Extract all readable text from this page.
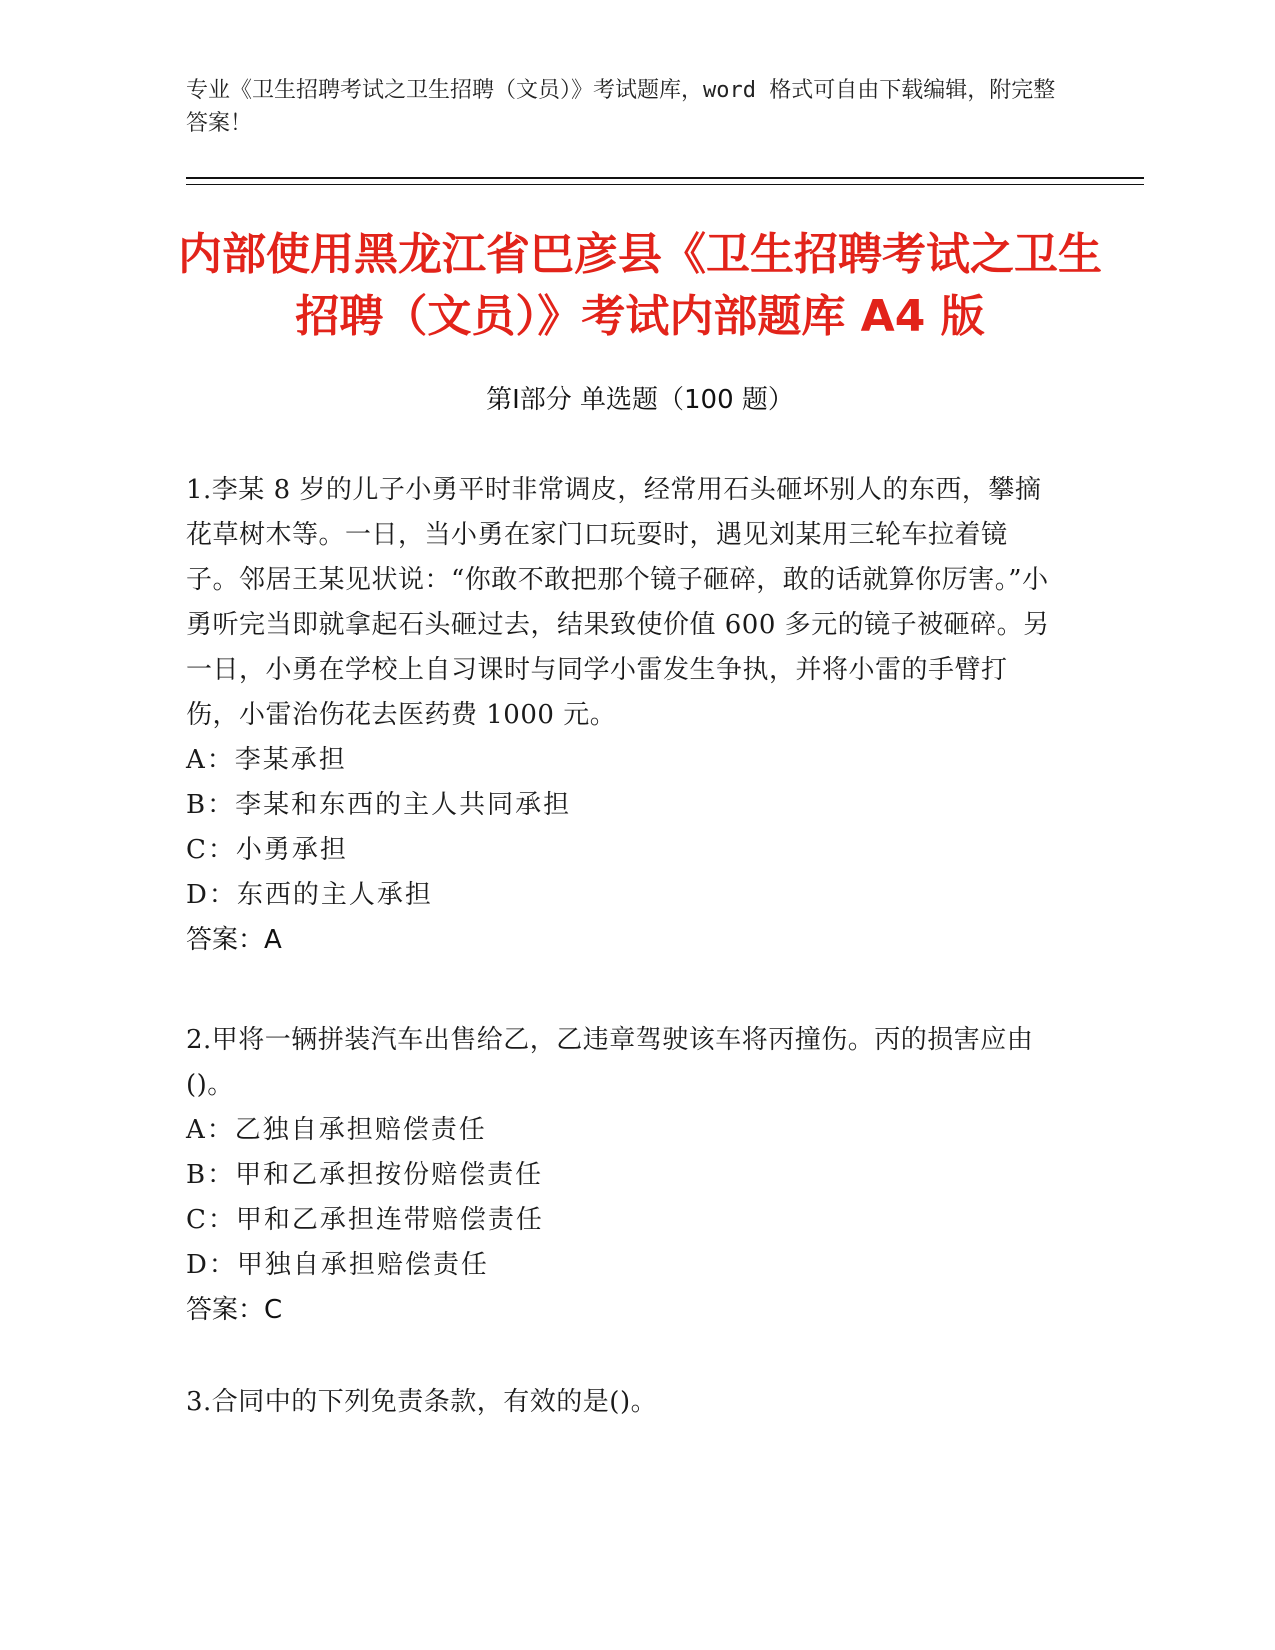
专业《卫生招聘考试之卫生招聘（文员）》考试题库，word 格式可自由下载编辑，附完整答案！
内部使用黑龙江省巴彦县《卫生招聘考试之卫生招聘（文员）》考试内部题库 A4 版
第Ⅰ部分 单选题（100 题）

1.李某 8 岁的儿子小勇平时非常调皮，经常用石头砸坏别人的东西，攀摘花草树木等。一日，当小勇在家门口玩耍时，遇见刘某用三轮车拉着镜子。邻居王某见状说：“你敢不敢把那个镜子砸碎，敢的话就算你厉害。”小勇听完当即就拿起石头砸过去，结果致使价值 600 多元的镜子被砸碎。另一日，小勇在学校上自习课时与同学小雷发生争执，并将小雷的手臂打伤，小雷治伤花去医药费 1000 元。

A：李某承担
B：李某和东西的主人共同承担
C：小勇承担
D：东西的主人承担
答案：A

2.甲将一辆拼装汽车出售给乙，乙违章驾驶该车将丙撞伤。丙的损害应由()。

A：乙独自承担赔偿责任
B：甲和乙承担按份赔偿责任
C：甲和乙承担连带赔偿责任
D：甲独自承担赔偿责任
答案：C

3.合同中的下列免责条款，有效的是()。
